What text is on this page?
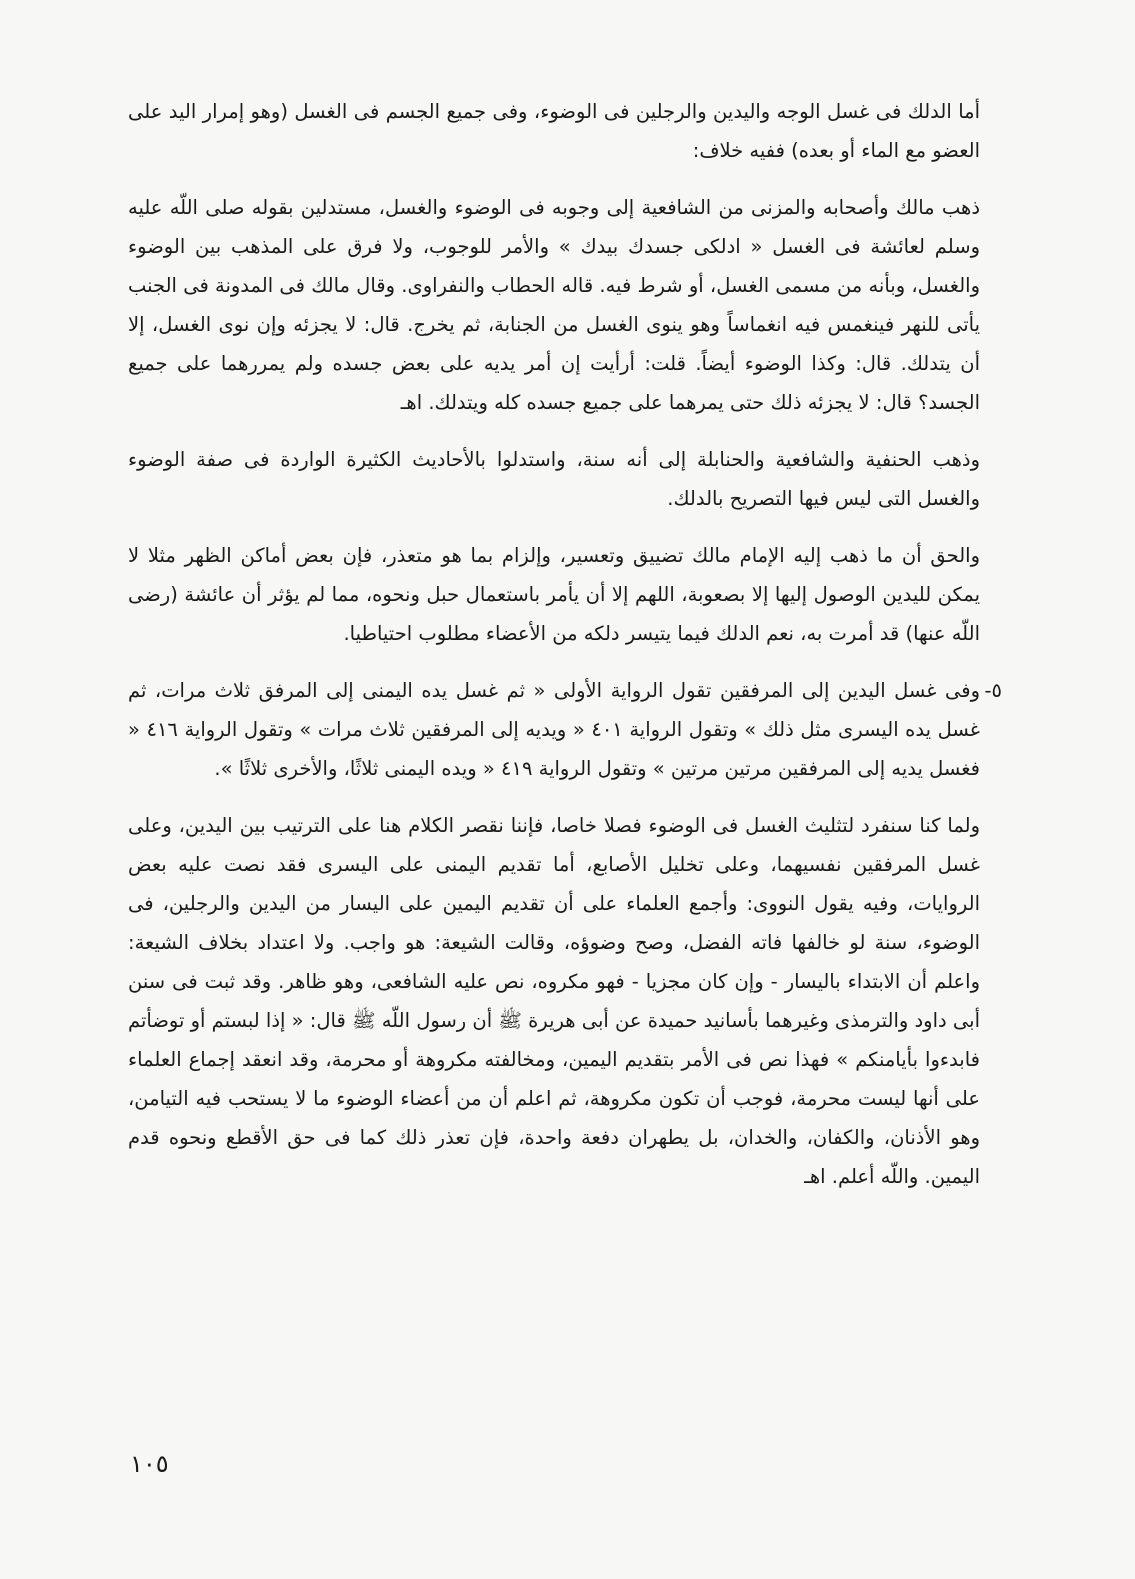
أما الدلك فى غسل الوجه واليدين والرجلين فى الوضوء، وفى جميع الجسم فى الغسل (وهو إمرار اليد على العضو مع الماء أو بعده) ففيه خلاف:

ذهب مالك وأصحابه والمزنى من الشافعية إلى وجوبه فى الوضوء والغسل، مستدلين بقوله صلى اللّه عليه وسلم لعائشة فى الغسل « ادلكى جسدك بيدك » والأمر للوجوب، ولا فرق على المذهب بين الوضوء والغسل، وبأنه من مسمى الغسل، أو شرط فيه. قاله الحطاب والنفراوى. وقال مالك فى المدونة فى الجنب يأتى للنهر فينغمس فيه انغماساً وهو ينوى الغسل من الجنابة، ثم يخرج. قال: لا يجزئه وإن نوى الغسل، إلا أن يتدلك. قال: وكذا الوضوء أيضاً. قلت: أرأيت إن أمر يديه على بعض جسده ولم يمررهما على جميع الجسد؟ قال: لا يجزئه ذلك حتى يمرهما على جميع جسده كله ويتدلك. اهـ

وذهب الحنفية والشافعية والحنابلة إلى أنه سنة، واستدلوا بالأحاديث الكثيرة الواردة فى صفة الوضوء والغسل التى ليس فيها التصريح بالدلك.

والحق أن ما ذهب إليه الإمام مالك تضييق وتعسير، وإلزام بما هو متعذر، فإن بعض أماكن الظهر مثلا لا يمكن لليدين الوصول إليها إلا بصعوبة، اللهم إلا أن يأمر باستعمال حبل ونحوه، مما لم يؤثر أن عائشة (رضى اللّه عنها) قد أمرت به، نعم الدلك فيما يتيسر دلكه من الأعضاء مطلوب احتياطيا.

٥-
وفى غسل اليدين إلى المرفقين تقول الرواية الأولى « ثم غسل يده اليمنى إلى المرفق ثلاث مرات، ثم غسل يده اليسرى مثل ذلك » وتقول الرواية ٤٠١ « ويديه إلى المرفقين ثلاث مرات » وتقول الرواية ٤١٦ « فغسل يديه إلى المرفقين مرتين مرتين » وتقول الرواية ٤١٩ « ويده اليمنى ثلاثًا، والأخرى ثلاثًا ».

ولما كنا سنفرد لتثليث الغسل فى الوضوء فصلا خاصا، فإننا نقصر الكلام هنا على الترتيب بين اليدين، وعلى غسل المرفقين نفسيهما، وعلى تخليل الأصابع، أما تقديم اليمنى على اليسرى فقد نصت عليه بعض الروايات، وفيه يقول النووى: وأجمع العلماء على أن تقديم اليمين على اليسار من اليدين والرجلين، فى الوضوء، سنة لو خالفها فاته الفضل، وصح وضوؤه، وقالت الشيعة: هو واجب. ولا اعتداد بخلاف الشيعة: واعلم أن الابتداء باليسار - وإن كان مجزيا - فهو مكروه، نص عليه الشافعى، وهو ظاهر. وقد ثبت فى سنن أبى داود والترمذى وغيرهما بأسانيد حميدة عن أبى هريرة ﷺ أن رسول اللّه ﷺ قال: « إذا لبستم أو توضأتم فابدءوا بأيامنكم » فهذا نص فى الأمر بتقديم اليمين، ومخالفته مكروهة أو محرمة، وقد انعقد إجماع العلماء على أنها ليست محرمة، فوجب أن تكون مكروهة، ثم اعلم أن من أعضاء الوضوء ما لا يستحب فيه التيامن، وهو الأذنان، والكفان، والخدان، بل يطهران دفعة واحدة، فإن تعذر ذلك كما فى حق الأقطع ونحوه قدم اليمين. واللّه أعلم. اهـ

١٠٥
